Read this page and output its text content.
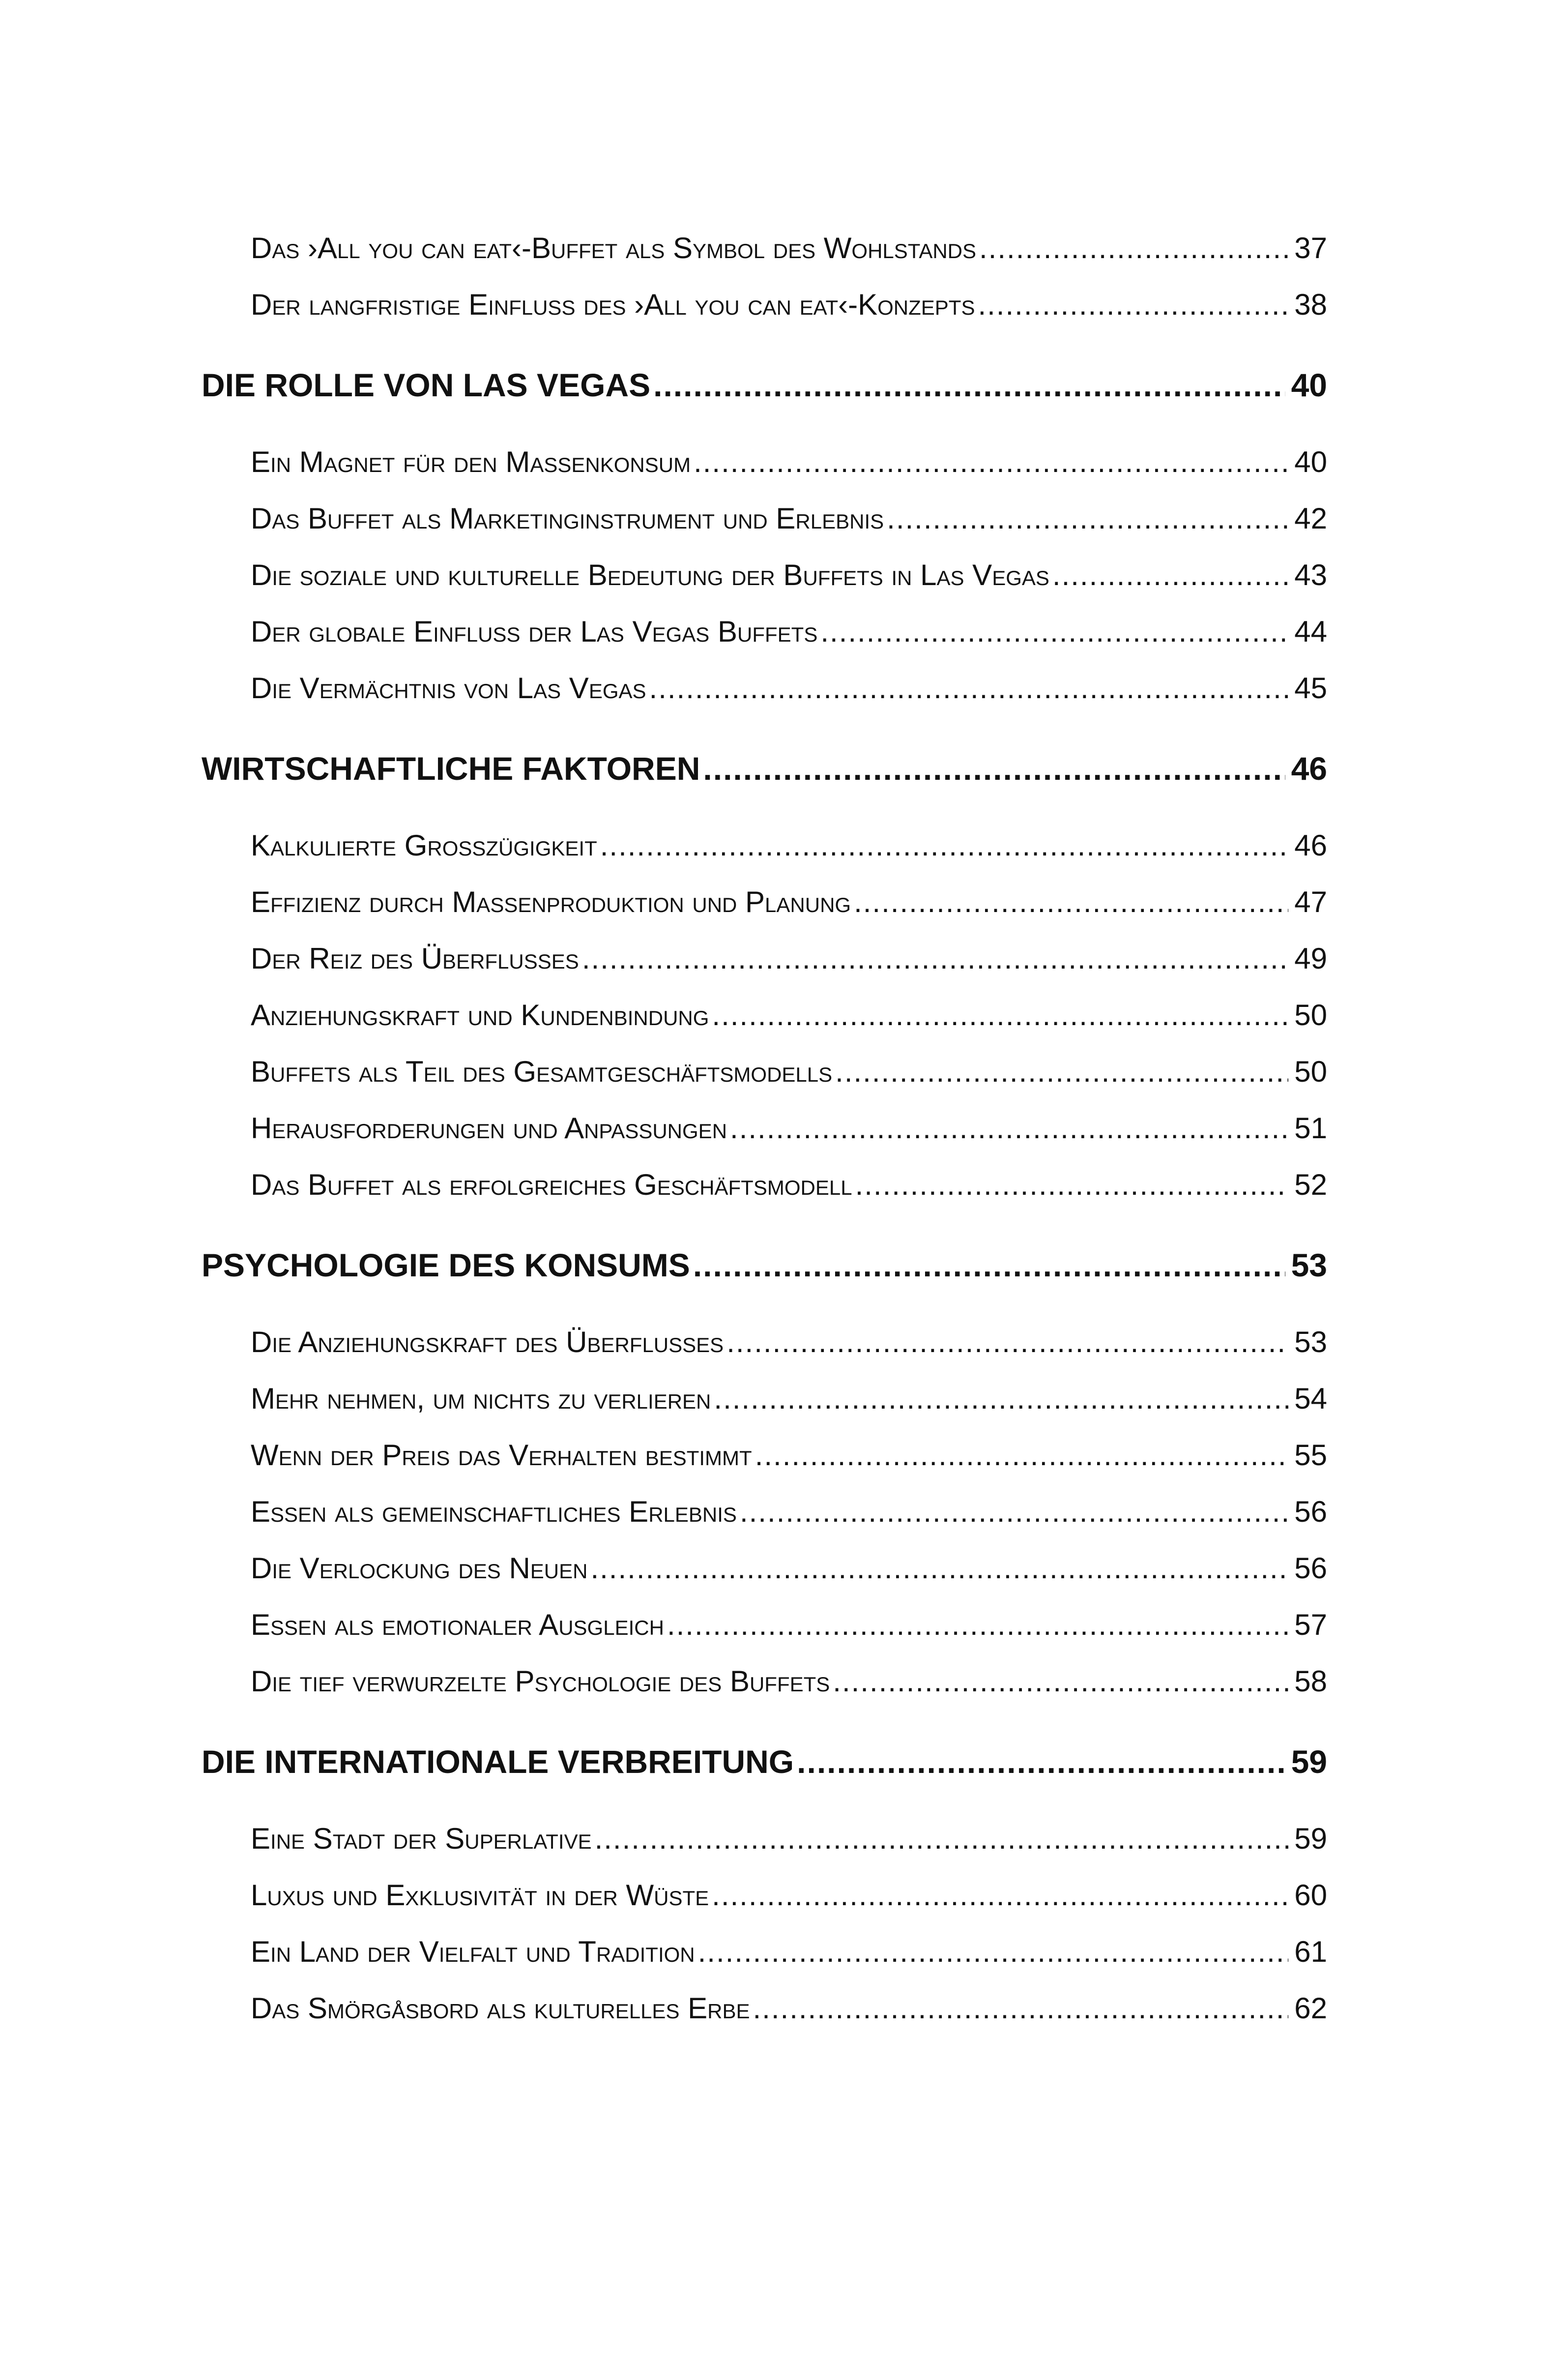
Das ›All you can eat‹-Buffet als Symbol des Wohlstands .....	37
Der langfristige Einfluss des ›All you can eat‹-Konzepts .....	38
DIE ROLLE VON LAS VEGAS .....	40
Ein Magnet für den Massenkonsum .....	40
Das Buffet als Marketinginstrument und Erlebnis .....	42
Die soziale und kulturelle Bedeutung der Buffets in Las Vegas .....	43
Der globale Einfluss der Las Vegas Buffets .....	44
Die Vermächtnis von Las Vegas .....	45
WIRTSCHAFTLICHE FAKTOREN .....	46
Kalkulierte Großzügigkeit .....	46
Effizienz durch Massenproduktion und Planung .....	47
Der Reiz des Überflusses .....	49
Anziehungskraft und Kundenbindung .....	50
Buffets als Teil des Gesamtgeschäftsmodells .....	50
Herausforderungen und Anpassungen .....	51
Das Buffet als erfolgreiches Geschäftsmodell .....	52
PSYCHOLOGIE DES KONSUMS .....	53
Die Anziehungskraft des Überflusses .....	53
Mehr nehmen, um nichts zu verlieren .....	54
Wenn der Preis das Verhalten bestimmt .....	55
Essen als gemeinschaftliches Erlebnis .....	56
Die Verlockung des Neuen .....	56
Essen als emotionaler Ausgleich .....	57
Die tief verwurzelte Psychologie des Buffets .....	58
DIE INTERNATIONALE VERBREITUNG .....	59
Eine Stadt der Superlative .....	59
Luxus und Exklusivität in der Wüste .....	60
Ein Land der Vielfalt und Tradition .....	61
Das Smörgåsbord als kulturelles Erbe .....	62
